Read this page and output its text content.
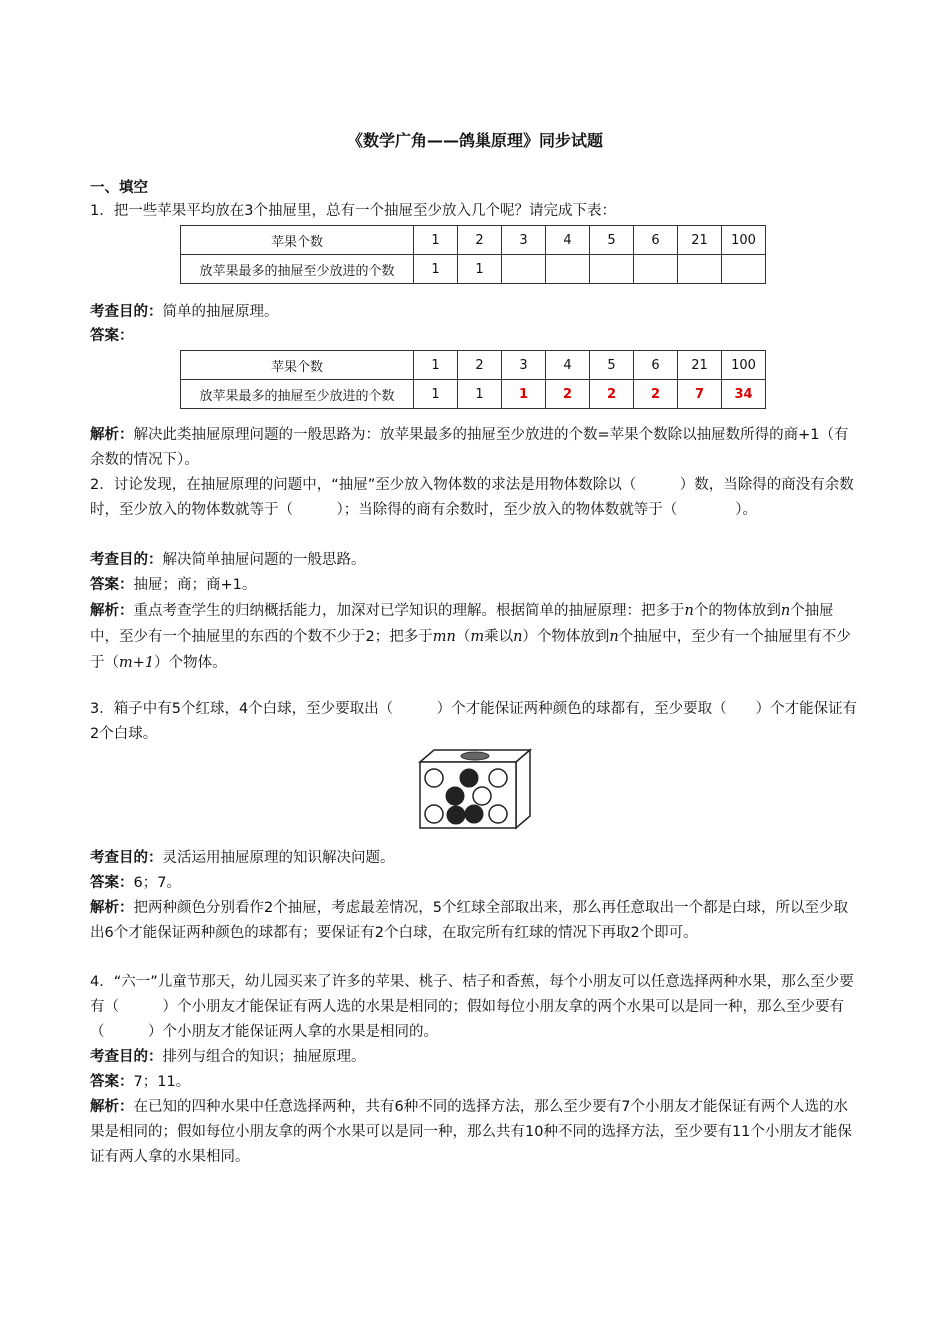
《数学广角——鸽巢原理》同步试题
一、填空
1．把一些苹果平均放在3个抽屉里，总有一个抽屉至少放入几个呢？请完成下表：
苹果个数	1	2	3	4	5	6	21	100
放苹果最多的抽屉至少放进的个数	1	1						
考查目的：简单的抽屉原理。
答案：
苹果个数	1	2	3	4	5	6	21	100
放苹果最多的抽屉至少放进的个数	1	1	1	2	2	2	7	34
解析：解决此类抽屉原理问题的一般思路为：放苹果最多的抽屉至少放进的个数=苹果个数除以抽屉数所得的商+1（有余数的情况下）。
2．讨论发现，在抽屉原理的问题中，“抽屉”至少放入物体数的求法是用物体数除以（　　　）数，当除得的商没有余数时，至少放入的物体数就等于（　　　）；当除得的商有余数时，至少放入的物体数就等于（　　　　）。
考查目的：解决简单抽屉问题的一般思路。
答案：抽屉；商；商+1。
解析：重点考查学生的归纳概括能力，加深对已学知识的理解。根据简单的抽屉原理：把多于n个的物体放到n个抽屉中，至少有一个抽屉里的东西的个数不少于2；把多于mn（m乘以n）个物体放到n个抽屉中，至少有一个抽屉里有不少于（m+1）个物体。
3．箱子中有5个红球，4个白球，至少要取出（　　　）个才能保证两种颜色的球都有，至少要取（　　）个才能保证有2个白球。
考查目的：灵活运用抽屉原理的知识解决问题。
答案：6；7。
解析：把两种颜色分别看作2个抽屉，考虑最差情况，5个红球全部取出来，那么再任意取出一个都是白球，所以至少取出6个才能保证两种颜色的球都有；要保证有2个白球，在取完所有红球的情况下再取2个即可。
4．“六一”儿童节那天，幼儿园买来了许多的苹果、桃子、桔子和香蕉，每个小朋友可以任意选择两种水果，那么至少要有（　　　）个小朋友才能保证有两人选的水果是相同的；假如每位小朋友拿的两个水果可以是同一种，那么至少要有（　　　）个小朋友才能保证两人拿的水果是相同的。
考查目的：排列与组合的知识；抽屉原理。
答案：7；11。
解析：在已知的四种水果中任意选择两种，共有6种不同的选择方法，那么至少要有7个小朋友才能保证有两个人选的水果是相同的；假如每位小朋友拿的两个水果可以是同一种，那么共有10种不同的选择方法，至少要有11个小朋友才能保证有两人拿的水果相同。
